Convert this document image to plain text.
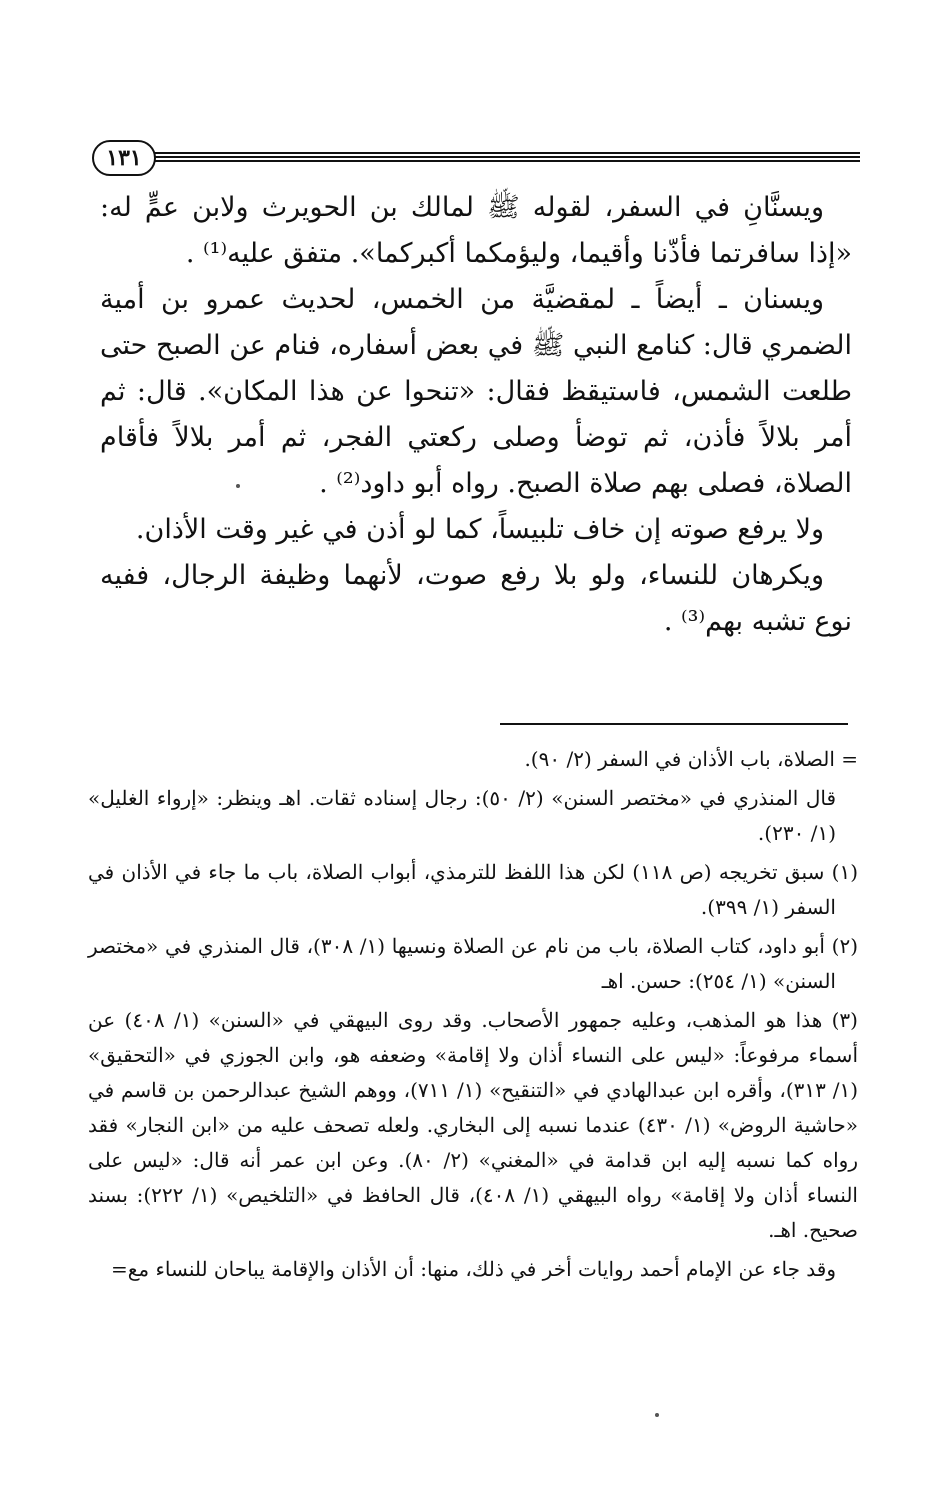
١٣١

ويسنَّانِ في السفر، لقوله ﷺ لمالك بن الحويرث ولابن عمٍّ له: «إذا سافرتما فأذّنا وأقيما، وليؤمكما أكبركما». متفق عليه⁽¹⁾ .

ويسنان ـ أيضاً ـ لمقضيَّة من الخمس، لحديث عمرو بن أمية الضمري قال: كنامع النبي ﷺ في بعض أسفاره، فنام عن الصبح حتى طلعت الشمس، فاستيقظ فقال: «تنحوا عن هذا المكان». قال: ثم أمر بلالاً فأذن، ثم توضأ وصلى ركعتي الفجر، ثم أمر بلالاً فأقام الصلاة، فصلى بهم صلاة الصبح. رواه أبو داود⁽²⁾ .

ولا يرفع صوته إن خاف تلبيساً، كما لو أذن في غير وقت الأذان.

ويكرهان للنساء، ولو بلا رفع صوت، لأنهما وظيفة الرجال، ففيه نوع تشبه بهم⁽³⁾ .

= الصلاة، باب الأذان في السفر (٢/ ٩٠).

قال المنذري في «مختصر السنن» (٢/ ٥٠): رجال إسناده ثقات. اهـ وينظر: «إرواء الغليل» (١/ ٢٣٠).

(١) سبق تخريجه (ص ١١٨) لكن هذا اللفظ للترمذي، أبواب الصلاة، باب ما جاء في الأذان في السفر (١/ ٣٩٩).

(٢) أبو داود، كتاب الصلاة، باب من نام عن الصلاة ونسيها (١/ ٣٠٨)، قال المنذري في «مختصر السنن» (١/ ٢٥٤): حسن. اهـ

(٣) هذا هو المذهب، وعليه جمهور الأصحاب. وقد روى البيهقي في «السنن» (١/ ٤٠٨) عن أسماء مرفوعاً: «ليس على النساء أذان ولا إقامة» وضعفه هو، وابن الجوزي في «التحقيق» (١/ ٣١٣)، وأقره ابن عبدالهادي في «التنقيح» (١/ ٧١١)، ووهم الشيخ عبدالرحمن بن قاسم في «حاشية الروض» (١/ ٤٣٠) عندما نسبه إلى البخاري. ولعله تصحف عليه من «ابن النجار» فقد رواه كما نسبه إليه ابن قدامة في «المغني» (٢/ ٨٠). وعن ابن عمر أنه قال: «ليس على النساء أذان ولا إقامة» رواه البيهقي (١/ ٤٠٨)، قال الحافظ في «التلخيص» (١/ ٢٢٢): بسند صحيح. اهـ.

وقد جاء عن الإمام أحمد روايات أخر في ذلك، منها: أن الأذان والإقامة يباحان للنساء مع=
